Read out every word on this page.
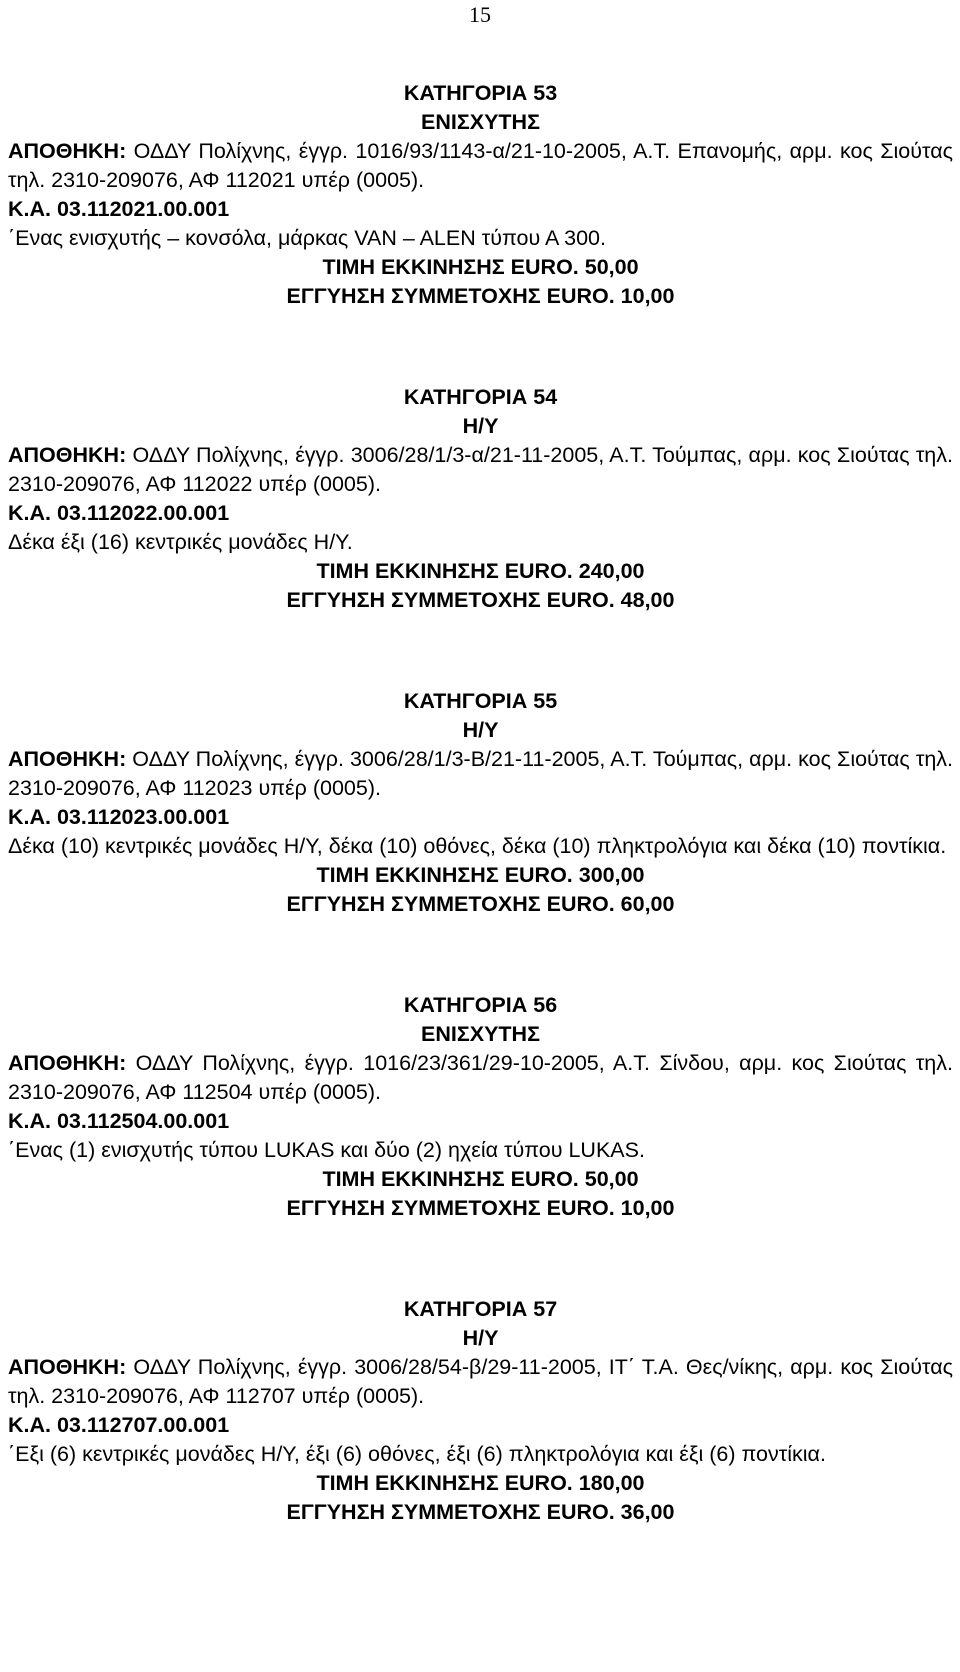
15
ΚΑΤΗΓΟΡΙΑ 53
ΕΝΙΣΧΥΤΗΣ
ΑΠΟΘΗΚΗ: ΟΔΔΥ Πολίχνης, έγγρ. 1016/93/1143-α/21-10-2005, Α.Τ. Επανομής, αρμ. κος Σιούτας τηλ. 2310-209076, ΑΦ 112021 υπέρ (0005).
Κ.Α. 03.112021.00.001
΄Ενας ενισχυτής – κονσόλα, μάρκας VAN – ALEN τύπου Α 300.
ΤΙΜΗ ΕΚΚΙΝΗΣΗΣ EURO. 50,00
ΕΓΓΥΗΣΗ ΣΥΜΜΕΤΟΧΗΣ EURO. 10,00
ΚΑΤΗΓΟΡΙΑ 54
Η/Υ
ΑΠΟΘΗΚΗ: ΟΔΔΥ Πολίχνης, έγγρ. 3006/28/1/3-α/21-11-2005, Α.Τ. Τούμπας, αρμ. κος Σιούτας τηλ. 2310-209076, ΑΦ 112022 υπέρ (0005).
Κ.Α. 03.112022.00.001
Δέκα έξι (16) κεντρικές μονάδες Η/Υ.
ΤΙΜΗ ΕΚΚΙΝΗΣΗΣ EURO. 240,00
ΕΓΓΥΗΣΗ ΣΥΜΜΕΤΟΧΗΣ EURO. 48,00
ΚΑΤΗΓΟΡΙΑ 55
Η/Υ
ΑΠΟΘΗΚΗ: ΟΔΔΥ Πολίχνης, έγγρ. 3006/28/1/3-Β/21-11-2005, Α.Τ. Τούμπας, αρμ. κος Σιούτας τηλ. 2310-209076, ΑΦ 112023 υπέρ (0005).
Κ.Α. 03.112023.00.001
Δέκα (10) κεντρικές μονάδες Η/Υ, δέκα (10) οθόνες, δέκα (10) πληκτρολόγια και δέκα (10) ποντίκια.
ΤΙΜΗ ΕΚΚΙΝΗΣΗΣ EURO. 300,00
ΕΓΓΥΗΣΗ ΣΥΜΜΕΤΟΧΗΣ EURO. 60,00
ΚΑΤΗΓΟΡΙΑ 56
ΕΝΙΣΧΥΤΗΣ
ΑΠΟΘΗΚΗ: ΟΔΔΥ Πολίχνης, έγγρ. 1016/23/361/29-10-2005, Α.Τ. Σίνδου, αρμ. κος Σιούτας τηλ. 2310-209076, ΑΦ 112504 υπέρ (0005).
Κ.Α. 03.112504.00.001
΄Ενας (1) ενισχυτής τύπου LUKAS και δύο (2) ηχεία τύπου LUKAS.
ΤΙΜΗ ΕΚΚΙΝΗΣΗΣ EURO. 50,00
ΕΓΓΥΗΣΗ ΣΥΜΜΕΤΟΧΗΣ EURO. 10,00
ΚΑΤΗΓΟΡΙΑ 57
Η/Υ
ΑΠΟΘΗΚΗ: ΟΔΔΥ Πολίχνης, έγγρ. 3006/28/54-β/29-11-2005, ΙΤ΄ Τ.Α. Θες/νίκης, αρμ. κος Σιούτας τηλ. 2310-209076, ΑΦ 112707 υπέρ (0005).
Κ.Α. 03.112707.00.001
΄Εξι (6) κεντρικές μονάδες Η/Υ, έξι (6) οθόνες, έξι (6) πληκτρολόγια και έξι (6) ποντίκια.
ΤΙΜΗ ΕΚΚΙΝΗΣΗΣ EURO. 180,00
ΕΓΓΥΗΣΗ ΣΥΜΜΕΤΟΧΗΣ EURO. 36,00
